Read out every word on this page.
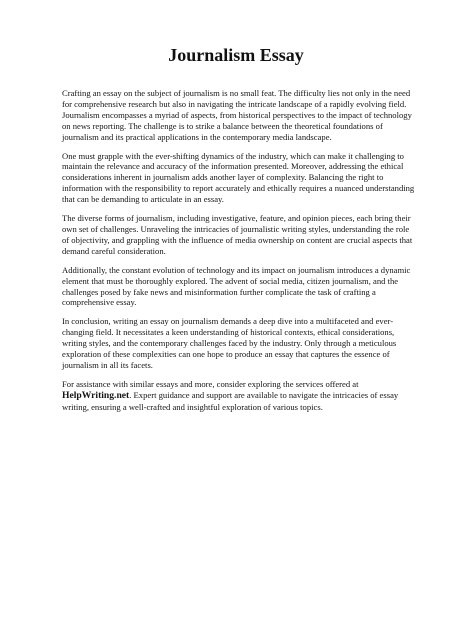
Journalism Essay

Crafting an essay on the subject of journalism is no small feat. The difficulty lies not only in the need for comprehensive research but also in navigating the intricate landscape of a rapidly evolving field. Journalism encompasses a myriad of aspects, from historical perspectives to the impact of technology on news reporting. The challenge is to strike a balance between the theoretical foundations of journalism and its practical applications in the contemporary media landscape.

One must grapple with the ever-shifting dynamics of the industry, which can make it challenging to maintain the relevance and accuracy of the information presented. Moreover, addressing the ethical considerations inherent in journalism adds another layer of complexity. Balancing the right to information with the responsibility to report accurately and ethically requires a nuanced understanding that can be demanding to articulate in an essay.

The diverse forms of journalism, including investigative, feature, and opinion pieces, each bring their own set of challenges. Unraveling the intricacies of journalistic writing styles, understanding the role of objectivity, and grappling with the influence of media ownership on content are crucial aspects that demand careful consideration.

Additionally, the constant evolution of technology and its impact on journalism introduces a dynamic element that must be thoroughly explored. The advent of social media, citizen journalism, and the challenges posed by fake news and misinformation further complicate the task of crafting a comprehensive essay.

In conclusion, writing an essay on journalism demands a deep dive into a multifaceted and ever-changing field. It necessitates a keen understanding of historical contexts, ethical considerations, writing styles, and the contemporary challenges faced by the industry. Only through a meticulous exploration of these complexities can one hope to produce an essay that captures the essence of journalism in all its facets.

For assistance with similar essays and more, consider exploring the services offered at
HelpWriting.net. Expert guidance and support are available to navigate the intricacies of essay writing, ensuring a well-crafted and insightful exploration of various topics.
